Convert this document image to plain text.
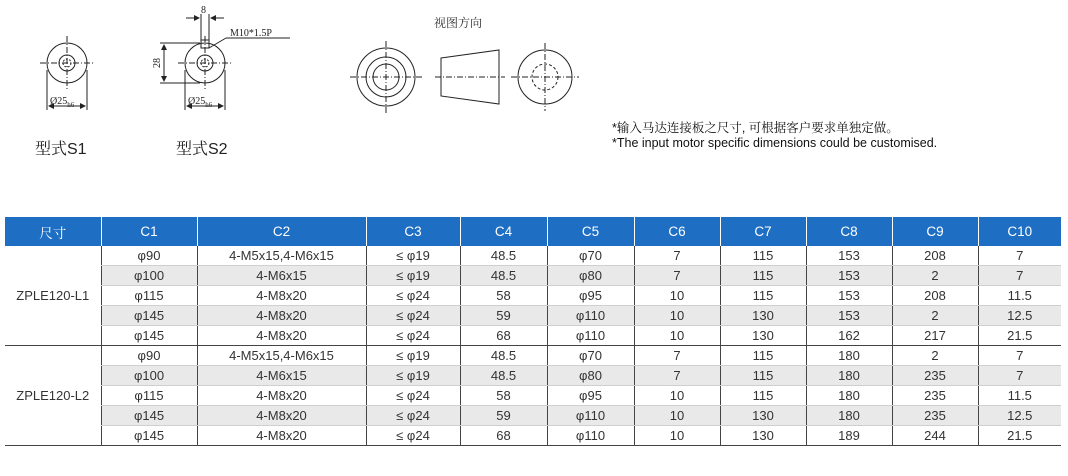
$Ø25_{h6}$
8
28
M10*1.5P
$Ø25_{h6}$
型式S1	型式S2
视图方向
*输入马达连接板之尺寸, 可根据客户要求单独定做。
*The input motor specific dimensions could be customised.
尺寸	C1	C2	C3	C4	C5	C6	C7	C8	C9	C10
ZPLE120-L1	φ90	4-M5x15,4-M6x15	≤ φ19	48.5	φ70	7	115	153	208	7
	φ100	4-M6x15	≤ φ19	48.5	φ80	7	115	153	2	7
	φ115	4-M8x20	≤ φ24	58	φ95	10	115	153	208	11.5
	φ145	4-M8x20	≤ φ24	59	φ110	10	130	153	2	12.5
	φ145	4-M8x20	≤ φ24	68	φ110	10	130	162	217	21.5
ZPLE120-L2	φ90	4-M5x15,4-M6x15	≤ φ19	48.5	φ70	7	115	180	2	7
	φ100	4-M6x15	≤ φ19	48.5	φ80	7	115	180	235	7
	φ115	4-M8x20	≤ φ24	58	φ95	10	115	180	235	11.5
	φ145	4-M8x20	≤ φ24	59	φ110	10	130	180	235	12.5
	φ145	4-M8x20	≤ φ24	68	φ110	10	130	189	244	21.5
